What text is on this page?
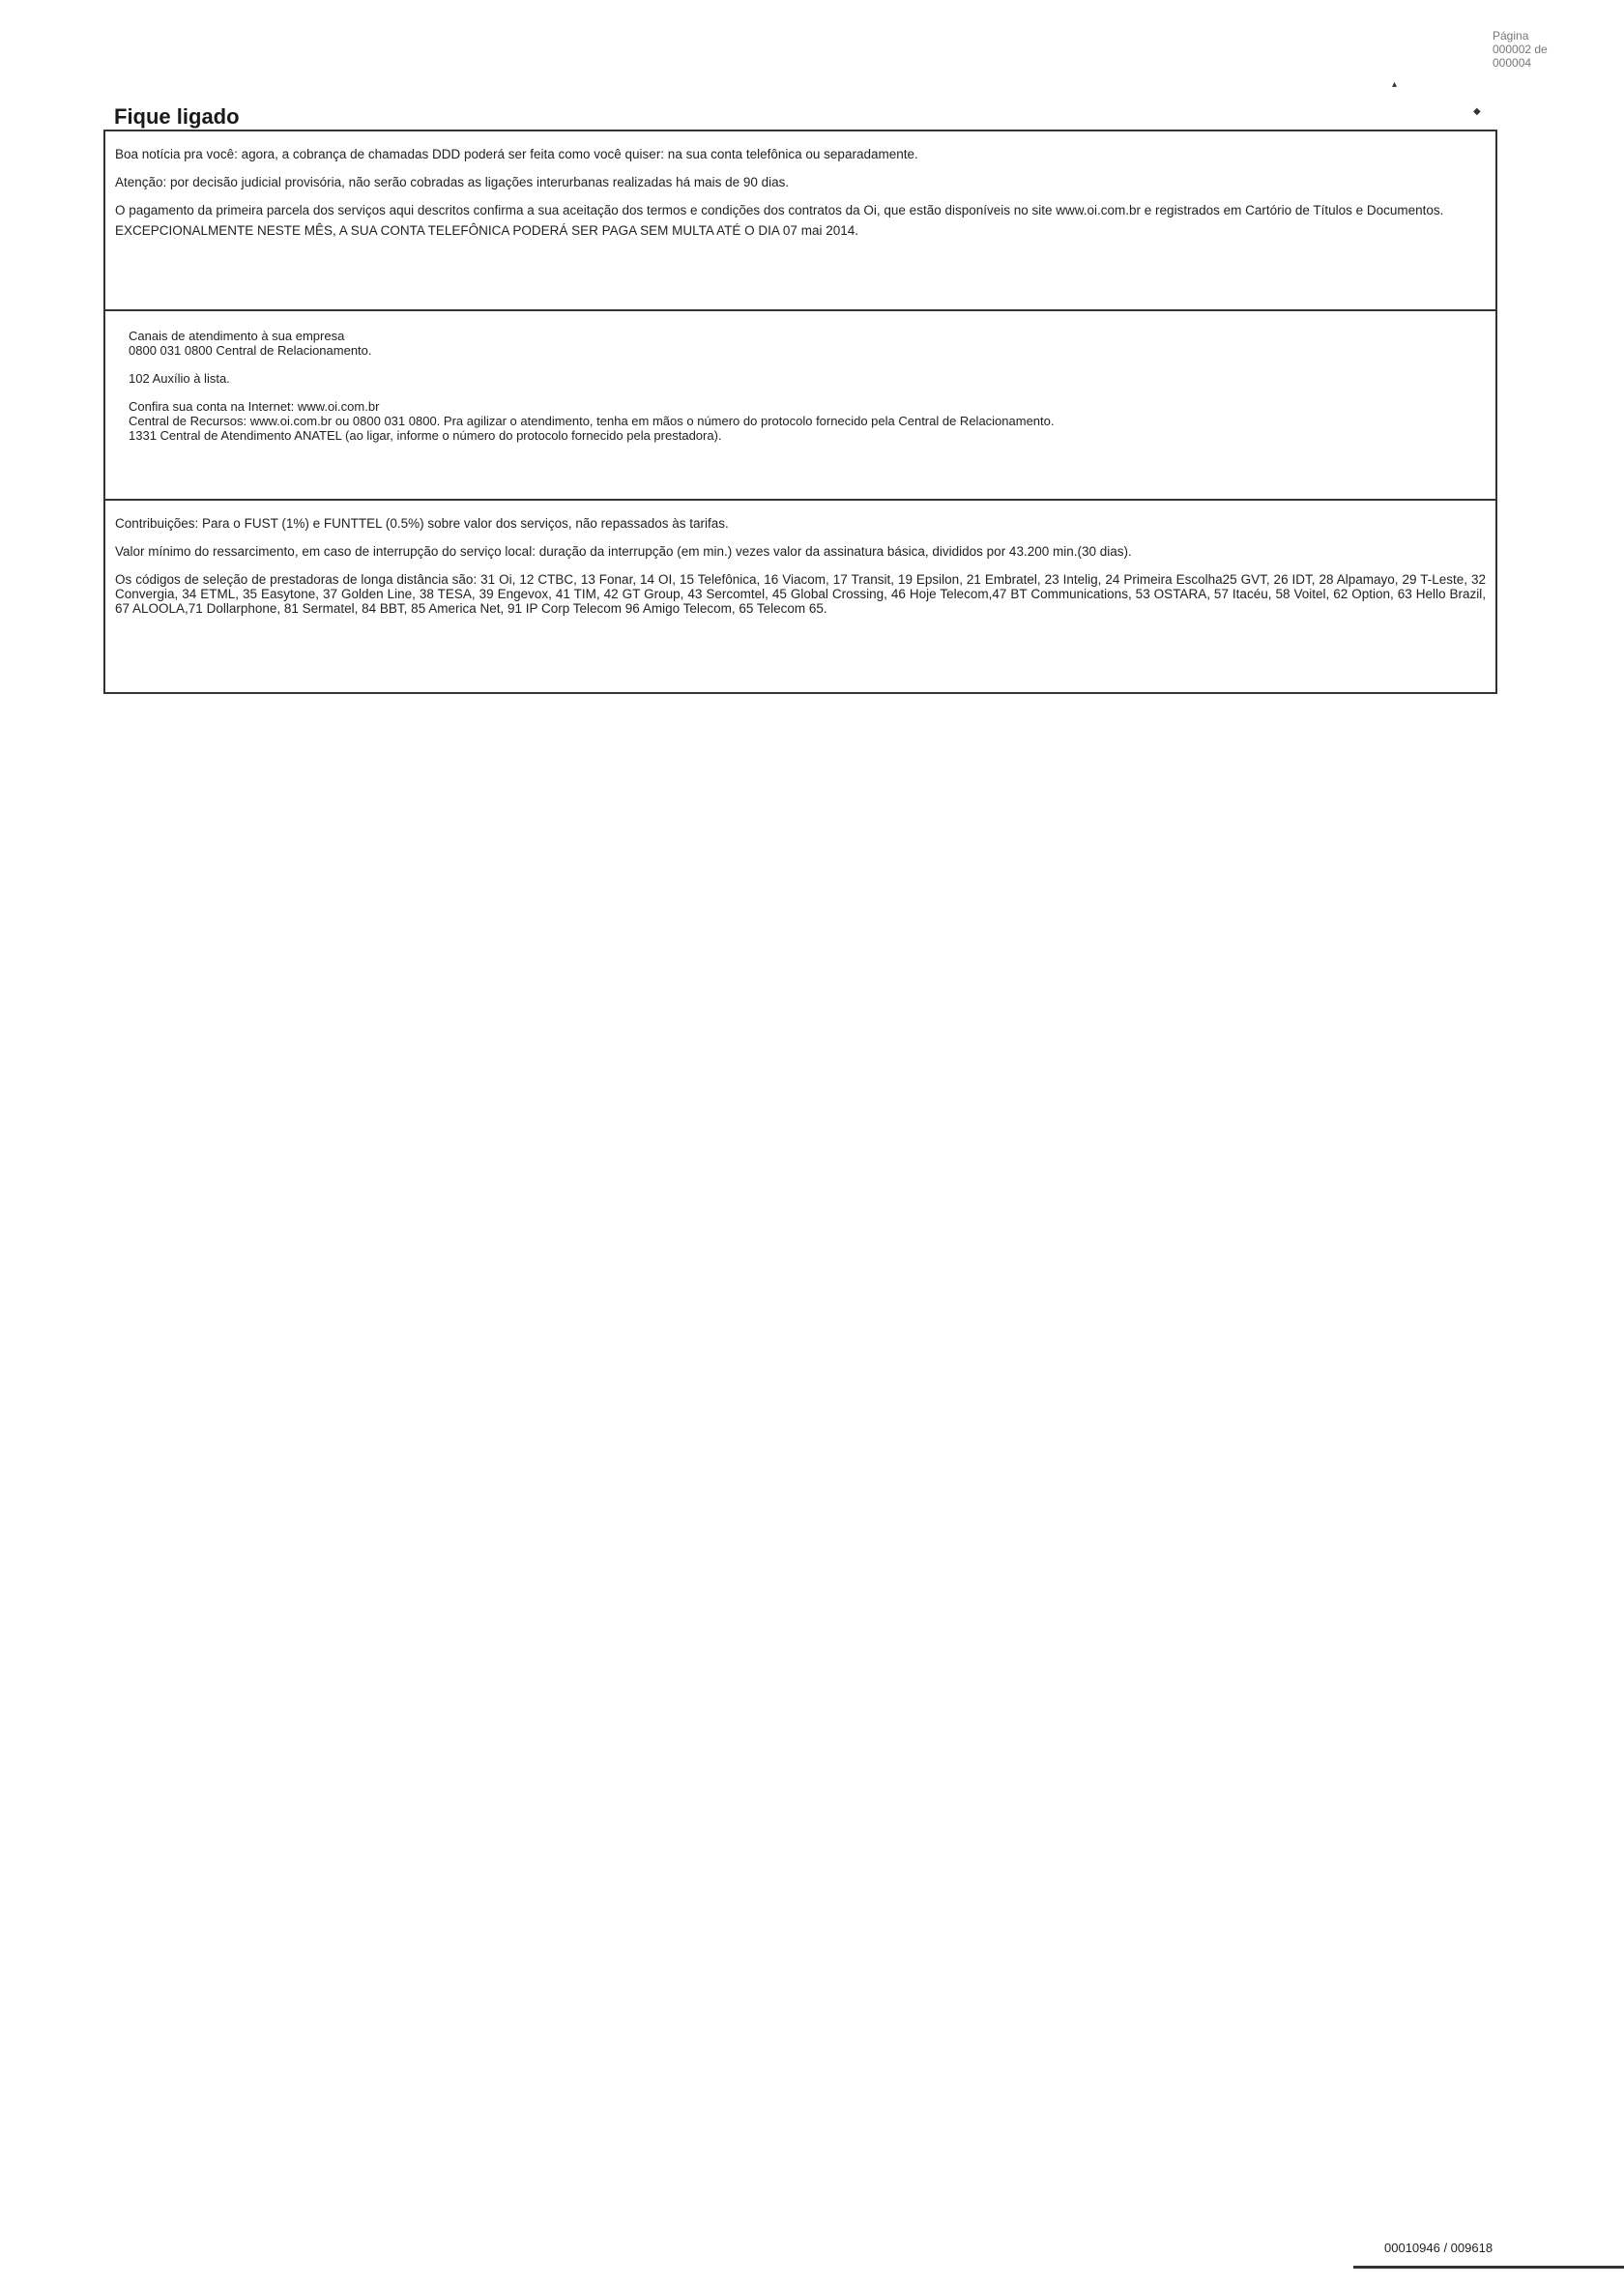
Página
000002 de
000004
▴
◆
Fique ligado

Boa notícia pra você: agora, a cobrança de chamadas DDD poderá ser feita como você quiser: na sua conta telefônica ou separadamente.

Atenção: por decisão judicial provisória, não serão cobradas as ligações interurbanas realizadas há mais de 90 dias.

O pagamento da primeira parcela dos serviços aqui descritos confirma a sua aceitação dos termos e condições dos contratos da Oi, que estão disponíveis no site www.oi.com.br e registrados em Cartório de Títulos e Documentos.

EXCEPCIONALMENTE NESTE MÊS, A SUA CONTA TELEFÔNICA PODERÁ SER PAGA SEM MULTA ATÉ O DIA 07 mai 2014.

Canais de atendimento à sua empresa

0800 031 0800 Central de Relacionamento.

102 Auxílio à lista.

Confira sua conta na Internet: www.oi.com.br

Central de Recursos: www.oi.com.br ou 0800 031 0800. Pra agilizar o atendimento, tenha em mãos o número do protocolo fornecido pela Central de Relacionamento.

1331 Central de Atendimento ANATEL (ao ligar, informe o número do protocolo fornecido pela prestadora).

Contribuições: Para o FUST (1%) e FUNTTEL (0.5%) sobre valor dos serviços, não repassados às tarifas.

Valor mínimo do ressarcimento, em caso de interrupção do serviço local: duração da interrupção (em min.) vezes valor da assinatura básica, divididos por 43.200 min.(30 dias).

Os códigos de seleção de prestadoras de longa distância são: 31 Oi, 12 CTBC, 13 Fonar, 14 OI, 15 Telefônica, 16 Viacom, 17 Transit, 19 Epsilon, 21 Embratel, 23 Intelig, 24 Primeira Escolha25 GVT, 26 IDT, 28 Alpamayo, 29 T-Leste, 32 Convergia, 34 ETML, 35 Easytone, 37 Golden Line, 38 TESA, 39 Engevox, 41 TIM, 42 GT Group, 43 Sercomtel, 45 Global Crossing, 46 Hoje Telecom,47 BT Communications, 53 OSTARA, 57 Itacéu, 58 Voitel, 62 Option, 63 Hello Brazil, 67 ALOOLA,71 Dollarphone, 81 Sermatel, 84 BBT, 85 America Net, 91 IP Corp Telecom 96 Amigo Telecom, 65 Telecom 65.

00010946 / 009618
